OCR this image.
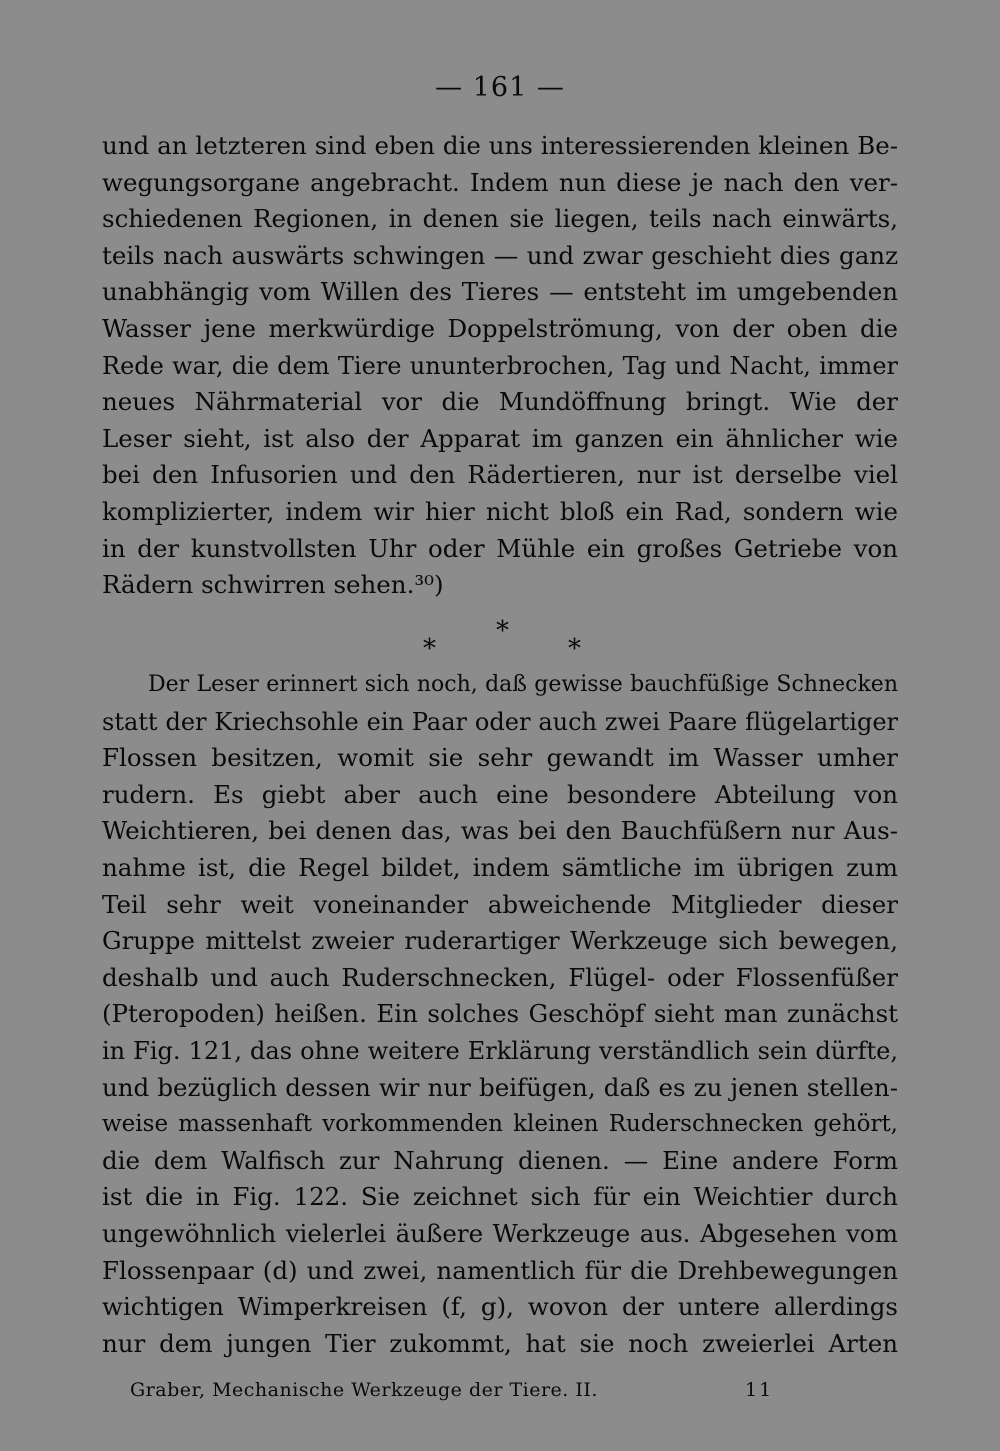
— 161 —
und an letzteren sind eben die uns interessierenden kleinen Be-
wegungsorgane angebracht. Indem nun diese je nach den ver-
schiedenen Regionen, in denen sie liegen, teils nach einwärts,
teils nach auswärts schwingen — und zwar geschieht dies ganz
unabhängig vom Willen des Tieres — entsteht im umgebenden
Wasser jene merkwürdige Doppelströmung, von der oben die
Rede war, die dem Tiere ununterbrochen, Tag und Nacht, immer
neues Nährmaterial vor die Mundöffnung bringt. Wie der
Leser sieht, ist also der Apparat im ganzen ein ähnlicher wie
bei den Infusorien und den Rädertieren, nur ist derselbe viel
komplizierter, indem wir hier nicht bloß ein Rad, sondern wie
in der kunstvollsten Uhr oder Mühle ein großes Getriebe von
Rädern schwirren sehen.³⁰)
*
*
*
Der Leser erinnert sich noch, daß gewisse bauchfüßige Schnecken
statt der Kriechsohle ein Paar oder auch zwei Paare flügelartiger
Flossen besitzen, womit sie sehr gewandt im Wasser umher
rudern. Es giebt aber auch eine besondere Abteilung von
Weichtieren, bei denen das, was bei den Bauchfüßern nur Aus-
nahme ist, die Regel bildet, indem sämtliche im übrigen zum
Teil sehr weit voneinander abweichende Mitglieder dieser
Gruppe mittelst zweier ruderartiger Werkzeuge sich bewegen,
deshalb und auch Ruderschnecken, Flügel- oder Flossenfüßer
(Pteropoden) heißen. Ein solches Geschöpf sieht man zunächst
in Fig. 121, das ohne weitere Erklärung verständlich sein dürfte,
und bezüglich dessen wir nur beifügen, daß es zu jenen stellen-
weise massenhaft vorkommenden kleinen Ruderschnecken gehört,
die dem Walfisch zur Nahrung dienen. — Eine andere Form
ist die in Fig. 122. Sie zeichnet sich für ein Weichtier durch
ungewöhnlich vielerlei äußere Werkzeuge aus. Abgesehen vom
Flossenpaar (d) und zwei, namentlich für die Drehbewegungen
wichtigen Wimperkreisen (f, g), wovon der untere allerdings
nur dem jungen Tier zukommt, hat sie noch zweierlei Arten
Graber, Mechanische Werkzeuge der Tiere. II.	11
